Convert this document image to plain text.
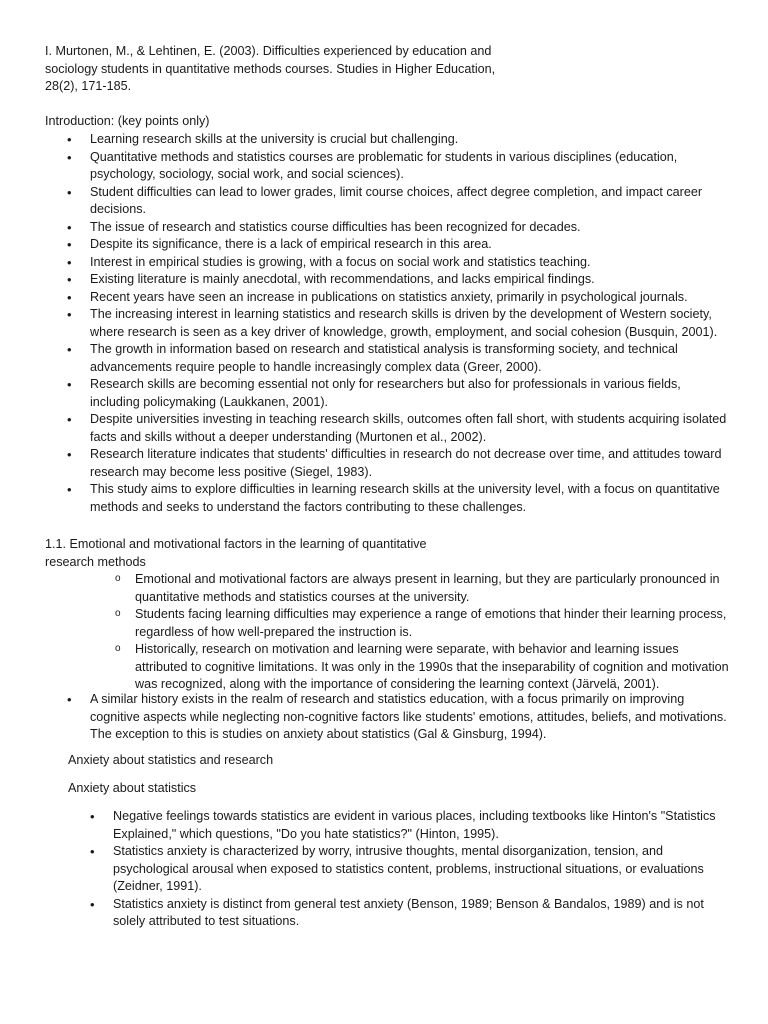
I. Murtonen, M., & Lehtinen, E. (2003). Difficulties experienced by education and sociology students in quantitative methods courses. Studies in Higher Education, 28(2), 171-185.

Introduction: (key points only)

• Learning research skills at the university is crucial but challenging.
• Quantitative methods and statistics courses are problematic for students in various disciplines (education, psychology, sociology, social work, and social sciences).
• Student difficulties can lead to lower grades, limit course choices, affect degree completion, and impact career decisions.
• The issue of research and statistics course difficulties has been recognized for decades.
• Despite its significance, there is a lack of empirical research in this area.
• Interest in empirical studies is growing, with a focus on social work and statistics teaching.
• Existing literature is mainly anecdotal, with recommendations, and lacks empirical findings.
• Recent years have seen an increase in publications on statistics anxiety, primarily in psychological journals.
• The increasing interest in learning statistics and research skills is driven by the development of Western society, where research is seen as a key driver of knowledge, growth, employment, and social cohesion (Busquin, 2001).
• The growth in information based on research and statistical analysis is transforming society, and technical advancements require people to handle increasingly complex data (Greer, 2000).
• Research skills are becoming essential not only for researchers but also for professionals in various fields, including policymaking (Laukkanen, 2001).
• Despite universities investing in teaching research skills, outcomes often fall short, with students acquiring isolated facts and skills without a deeper understanding (Murtonen et al., 2002).
• Research literature indicates that students' difficulties in research do not decrease over time, and attitudes toward research may become less positive (Siegel, 1983).
• This study aims to explore difficulties in learning research skills at the university level, with a focus on quantitative methods and seeks to understand the factors contributing to these challenges.

1.1. Emotional and motivational factors in the learning of quantitative research methods

o Emotional and motivational factors are always present in learning, but they are particularly pronounced in quantitative methods and statistics courses at the university.
o Students facing learning difficulties may experience a range of emotions that hinder their learning process, regardless of how well-prepared the instruction is.
o Historically, research on motivation and learning were separate, with behavior and learning issues attributed to cognitive limitations. It was only in the 1990s that the inseparability of cognition and motivation was recognized, along with the importance of considering the learning context (Järvelä, 2001).
• A similar history exists in the realm of research and statistics education, with a focus primarily on improving cognitive aspects while neglecting non-cognitive factors like students' emotions, attitudes, beliefs, and motivations. The exception to this is studies on anxiety about statistics (Gal & Ginsburg, 1994).

Anxiety about statistics and research

Anxiety about statistics

• Negative feelings towards statistics are evident in various places, including textbooks like Hinton's "Statistics Explained," which questions, "Do you hate statistics?" (Hinton, 1995).
• Statistics anxiety is characterized by worry, intrusive thoughts, mental disorganization, tension, and psychological arousal when exposed to statistics content, problems, instructional situations, or evaluations (Zeidner, 1991).
• Statistics anxiety is distinct from general test anxiety (Benson, 1989; Benson & Bandalos, 1989) and is not solely attributed to test situations.
